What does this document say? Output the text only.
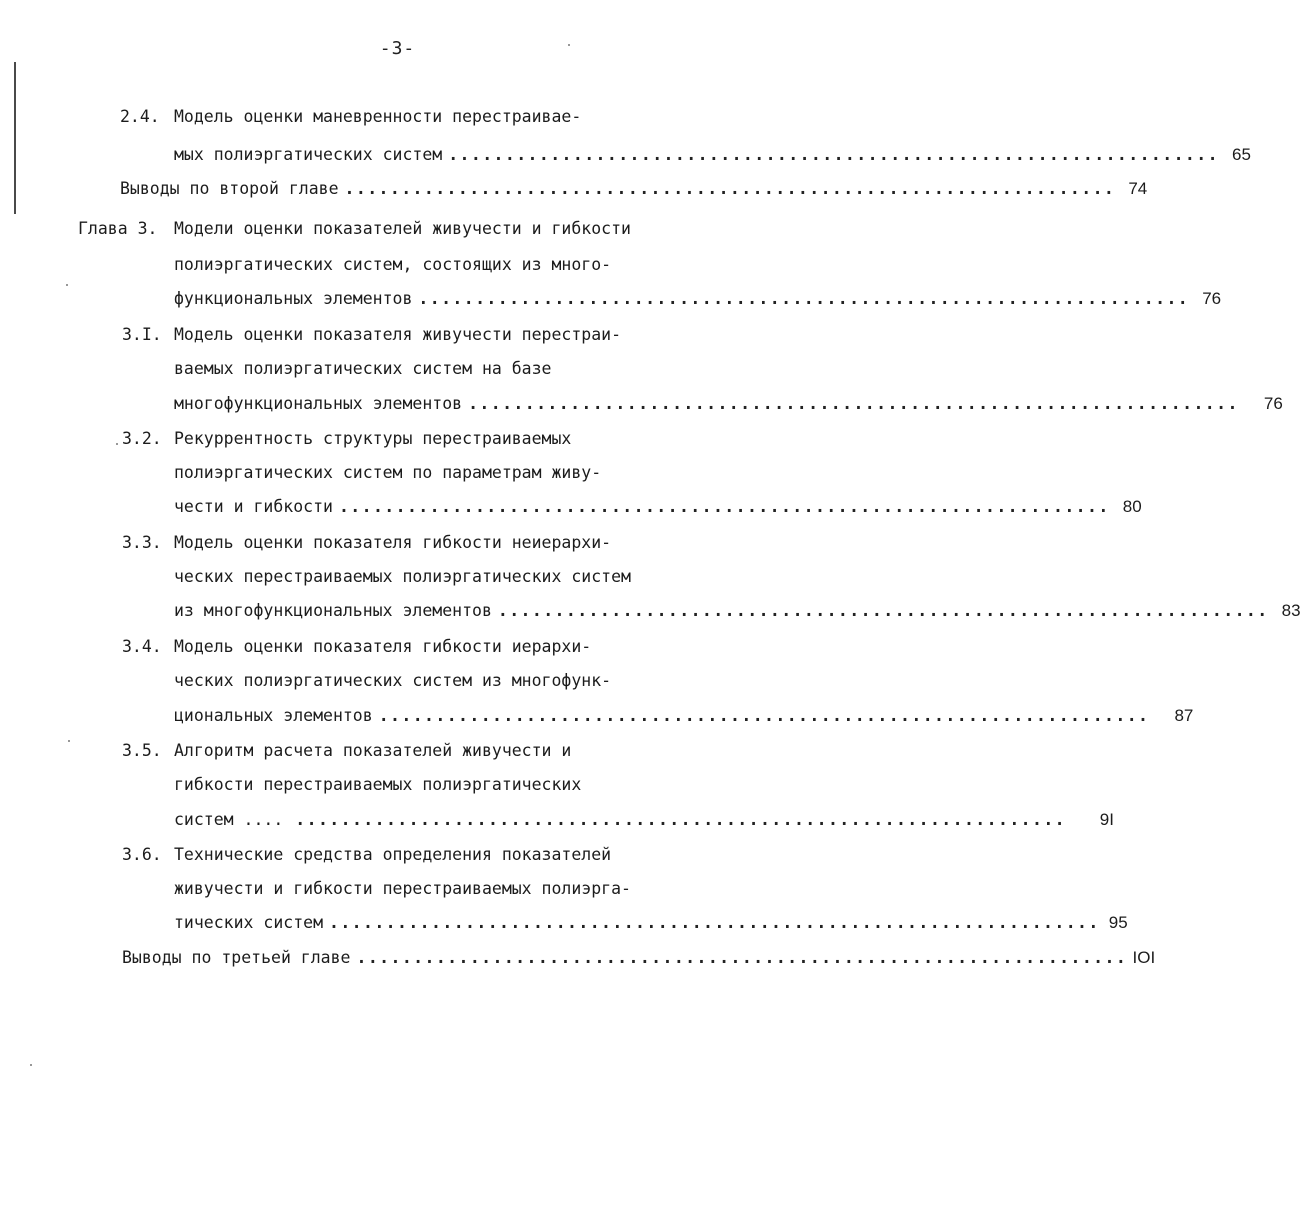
-3-
2.4. Модель оценки маневренности перестраивае-
мых полиэргатических систем .................................................................... 65
Выводы по второй главе .................................................................... 74
Глава 3. Модели оценки показателей живучести и гибкости
полиэргатических систем, состоящих из много-
функциональных элементов .................................................................... 76
3.I. Модель оценки показателя живучести перестраи-
ваемых полиэргатических систем на базе
многофункциональных элементов ....................................................................	76
3.2. Рекуррентность структуры перестраиваемых
полиэргатических систем по параметрам живу-
чести и гибкости .................................................................... 80
3.3. Модель оценки показателя гибкости неиерархи-
ческих перестраиваемых полиэргатических систем
из многофункциональных элементов .................................................................... 83
3.4. Модель оценки показателя гибкости иерархи-
ческих полиэргатических систем из многофунк-
циональных элементов ....................................................................	87
3.5. Алгоритм расчета показателей живучести и
гибкости перестраиваемых полиэргатических
систем .... ....................................................................	9I
3.6. Технические средства определения показателей
живучести и гибкости перестраиваемых полиэрга-
тических систем .................................................................... 95
Выводы по третьей главе .................................................................... IOI
